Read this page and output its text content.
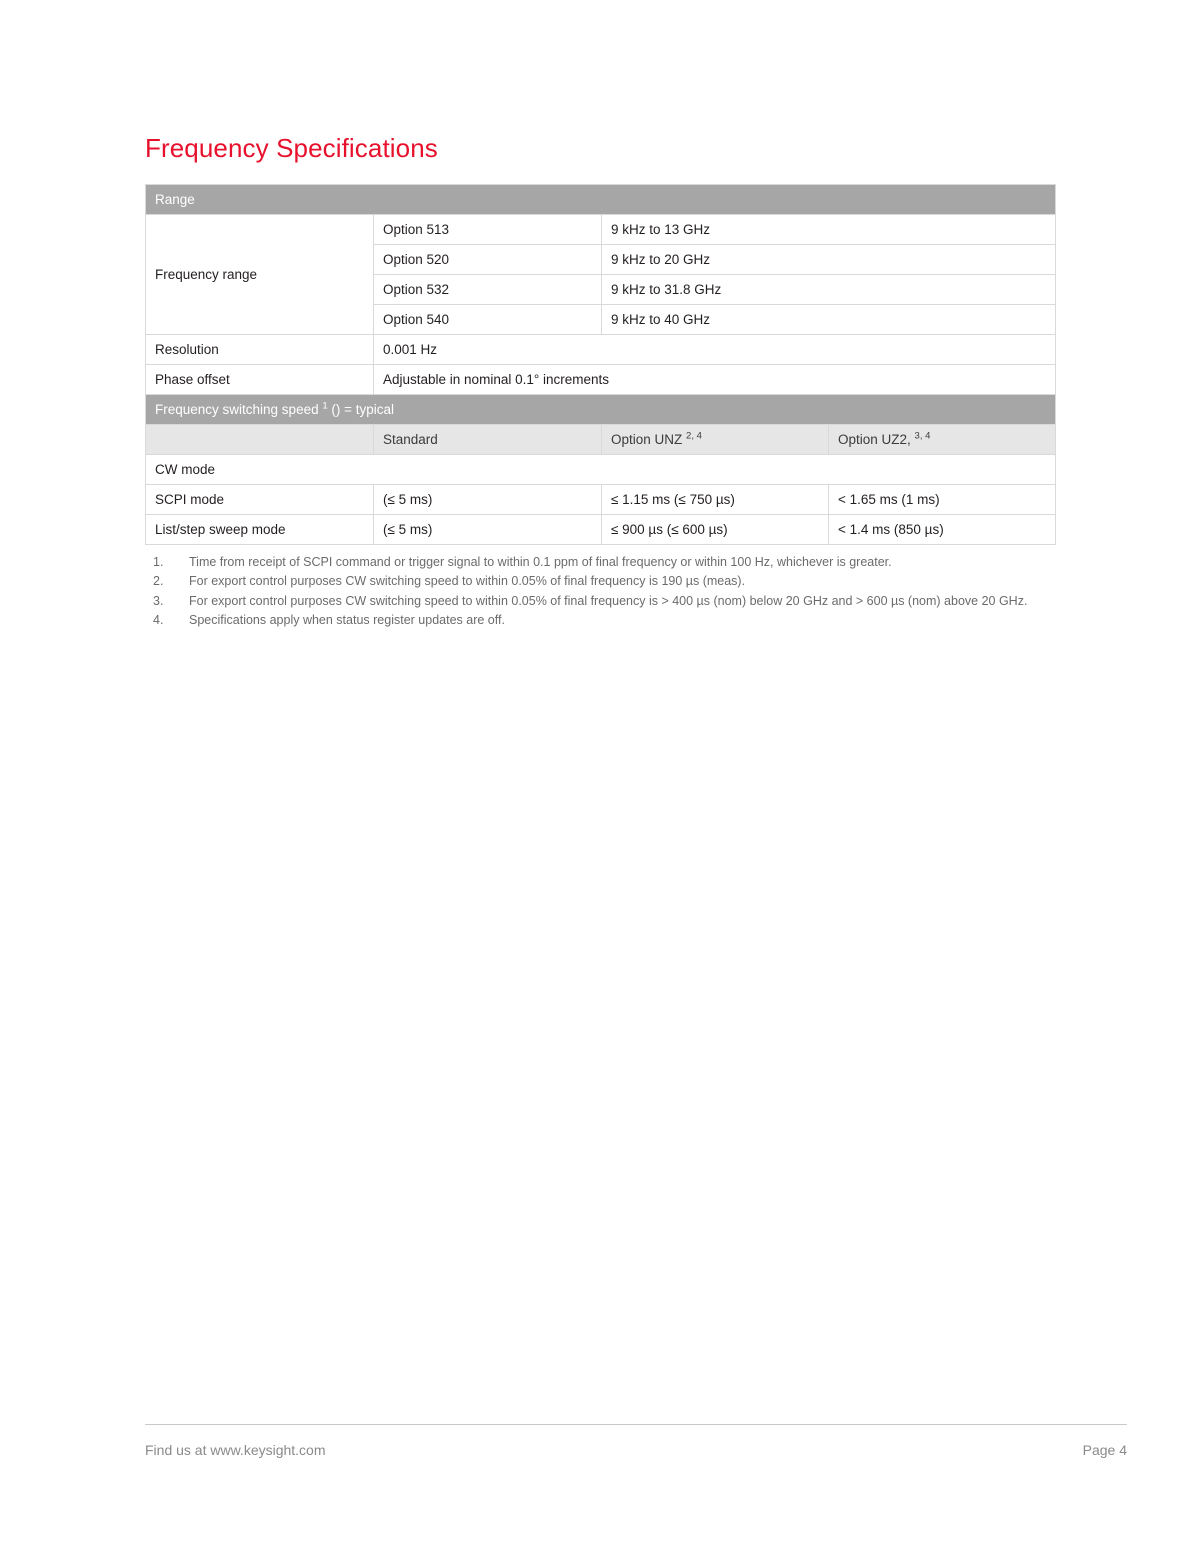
Frequency Specifications
Range			
Frequency range	Option 513	9 kHz to 13 GHz	
	Option 520	9 kHz to 20 GHz	
	Option 532	9 kHz to 31.8 GHz	
	Option 540	9 kHz to 40 GHz	
Resolution	0.001 Hz		
Phase offset	Adjustable in nominal 0.1° increments		
Frequency switching speed $^1$ () = typical			
	Standard	Option UNZ $^{2, 4}$	Option UZ2, $^{3, 4}$
CW mode			
SCPI mode	(≤ 5 ms)	≤ 1.15 ms (≤ 750 µs)	< 1.65 ms (1 ms)
List/step sweep mode	(≤ 5 ms)	≤ 900 µs (≤ 600 µs)	< 1.4 ms (850 µs)
1. Time from receipt of SCPI command or trigger signal to within 0.1 ppm of final frequency or within 100 Hz, whichever is greater.
2. For export control purposes CW switching speed to within 0.05% of final frequency is 190 µs (meas).
3. For export control purposes CW switching speed to within 0.05% of final frequency is > 400 µs (nom) below 20 GHz and > 600 µs (nom) above 20 GHz.
4. Specifications apply when status register updates are off.
Find us at www.keysight.com	Page 4
